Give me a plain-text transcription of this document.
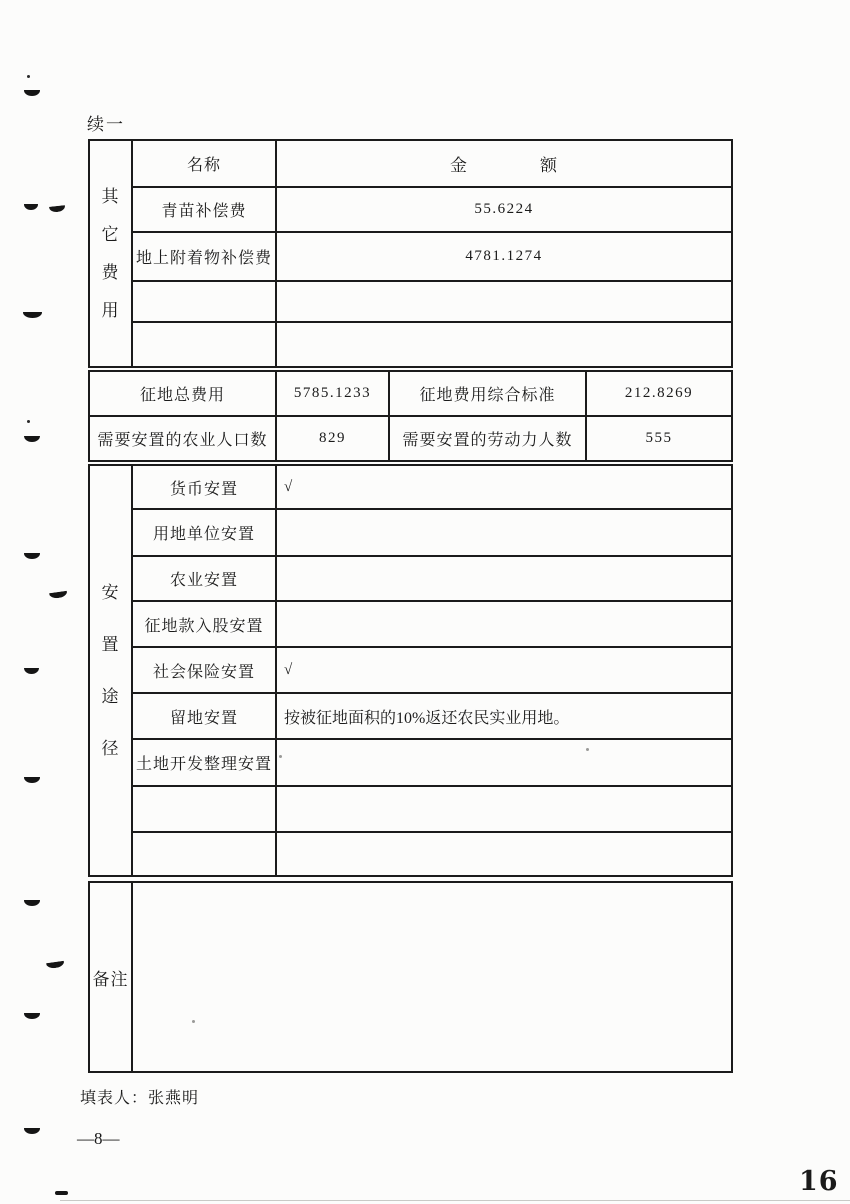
续一
其
它
费
用
名称	金　　　　额
青苗补偿费	55.6224
地上附着物补偿费	4781.1274
征地总费用	5785.1233	征地费用综合标准	212.8269
需要安置的农业人口数	829	需要安置的劳动力人数	555
安
置
途
径
货币安置	√
用地单位安置
农业安置
征地款入股安置
社会保险安置	√
留地安置	按被征地面积的10%返还农民实业用地。
土地开发整理安置
备注
填表人：张燕明
—8—
16
